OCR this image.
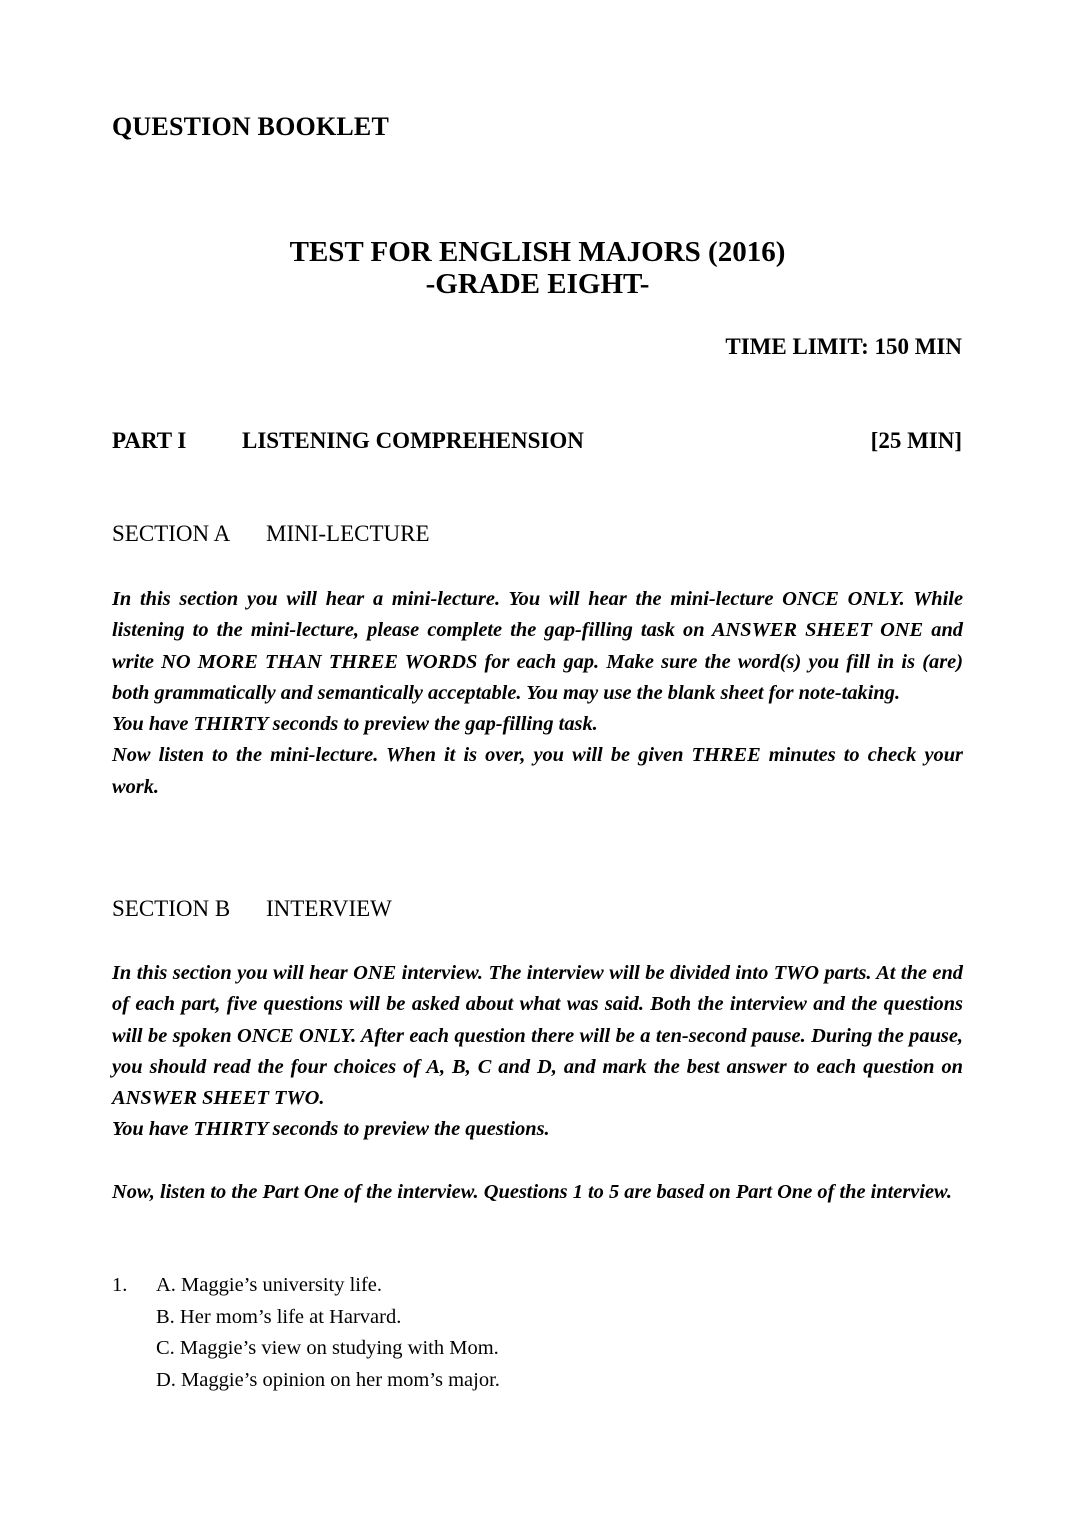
QUESTION BOOKLET
TEST FOR ENGLISH MAJORS (2016)
-GRADE EIGHT-
TIME LIMIT: 150 MIN
PART I LISTENING COMPREHENSION	[25 MIN]
SECTION A MINI-LECTURE

In this section you will hear a mini-lecture. You will hear the mini-lecture ONCE ONLY. While listening to the mini-lecture, please complete the gap-filling task on ANSWER SHEET ONE and write NO MORE THAN THREE WORDS for each gap. Make sure the word(s) you fill in is (are) both grammatically and semantically acceptable. You may use the blank sheet for note-taking.

You have THIRTY seconds to preview the gap-filling task.

Now listen to the mini-lecture. When it is over, you will be given THREE minutes to check your work.

SECTION B INTERVIEW

In this section you will hear ONE interview. The interview will be divided into TWO parts. At the end of each part, five questions will be asked about what was said. Both the interview and the questions will be spoken ONCE ONLY. After each question there will be a ten-second pause. During the pause, you should read the four choices of A, B, C and D, and mark the best answer to each question on ANSWER SHEET TWO.

You have THIRTY seconds to preview the questions.

Now, listen to the Part One of the interview. Questions 1 to 5 are based on Part One of the interview.

1. A. Maggie’s university life.
B. Her mom’s life at Harvard.
C. Maggie’s view on studying with Mom.
D. Maggie’s opinion on her mom’s major.
